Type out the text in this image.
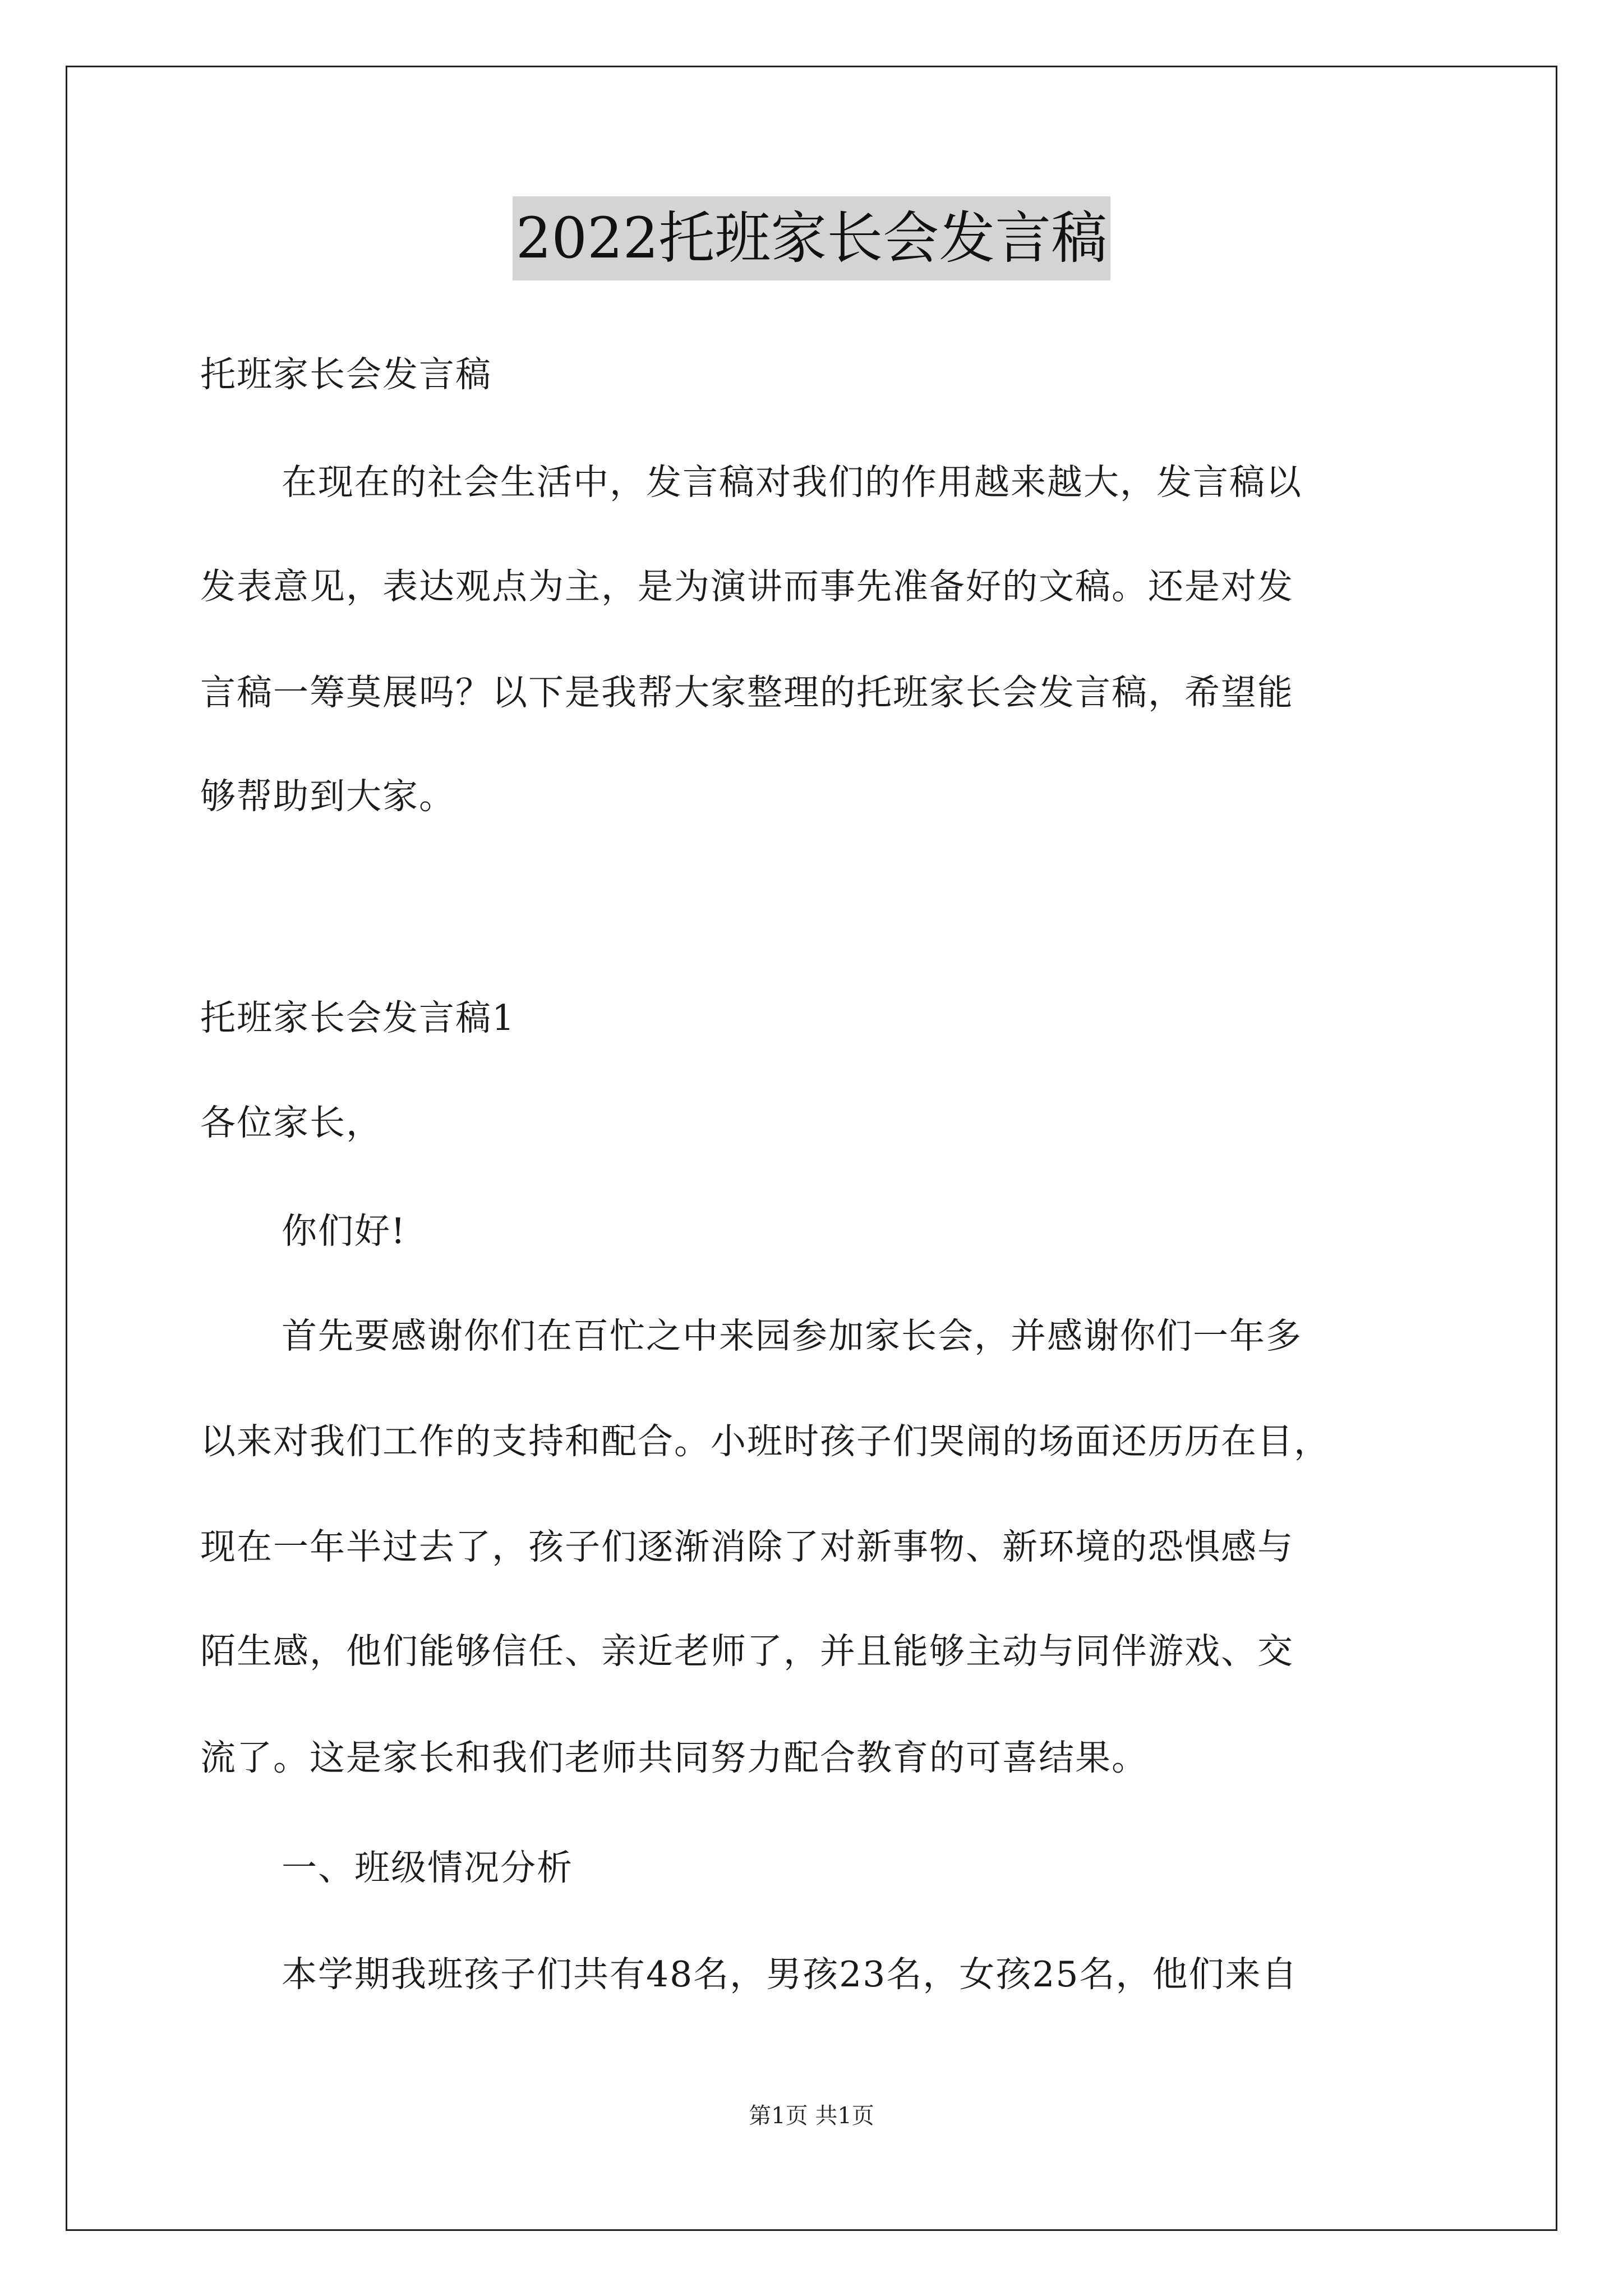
2022托班家长会发言稿
托班家长会发言稿
在现在的社会生活中，发言稿对我们的作用越来越大，发言稿以
发表意见，表达观点为主，是为演讲而事先准备好的文稿。还是对发
言稿一筹莫展吗？以下是我帮大家整理的托班家长会发言稿，希望能
够帮助到大家。
托班家长会发言稿1
各位家长，
你们好!
首先要感谢你们在百忙之中来园参加家长会，并感谢你们一年多
以来对我们工作的支持和配合。小班时孩子们哭闹的场面还历历在目，
现在一年半过去了，孩子们逐渐消除了对新事物、新环境的恐惧感与
陌生感，他们能够信任、亲近老师了，并且能够主动与同伴游戏、交
流了。这是家长和我们老师共同努力配合教育的可喜结果。
一、班级情况分析
本学期我班孩子们共有48名，男孩23名，女孩25名，他们来自
第1页 共1页
